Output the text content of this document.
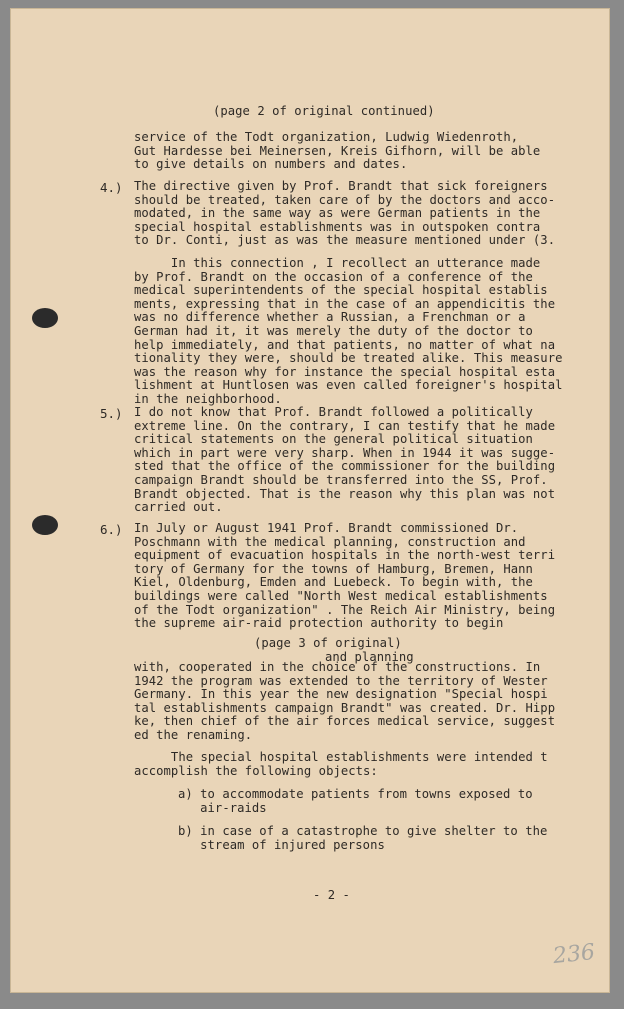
(page 2 of original continued)
service of the Todt organization, Ludwig Wiedenroth,
Gut Hardesse bei Meinersen, Kreis Gifhorn, will be able
to give details on numbers and dates.
4.) The directive given by Prof. Brandt that sick foreigners
should be treated, taken care of by the doctors and acco-
modated, in the same way as were German patients in the
special hospital establishments was in outspoken contra
to Dr. Conti, just as was the measure mentioned under (3.
In this connection , I recollect an utterance made
by Prof. Brandt on the occasion of a conference of the
medical superintendents of the special hospital establis
ments, expressing that in the case of an appendicitis the
was no difference whether a Russian, a Frenchman or a
German had it, it was merely the duty of the doctor to
help immediately, and that patients, no matter of what na
tionality they were, should be treated alike. This measure
was the reason why for instance the special hospital esta
lishment at Huntlosen was even called foreigner's hospital
in the neighborhood.
5.) I do not know that Prof. Brandt followed a politically
extreme line. On the contrary, I can testify that he made
critical statements on the general political situation
which in part were very sharp. When in 1944 it was sugge-
sted that the office of the commissioner for the building
campaign Brandt should be transferred into the SS, Prof.
Brandt objected. That is the reason why this plan was not
carried out.
6.) In July or August 1941 Prof. Brandt commissioned Dr.
Poschmann with the medical planning, construction and
equipment of evacuation hospitals in the north-west terri
tory of Germany for the towns of Hamburg, Bremen, Hann
Kiel, Oldenburg, Emden and Luebeck. To begin with, the
buildings were called "North West medical establishments
of the Todt organization" . The Reich Air Ministry, being
the supreme air-raid protection authority to begin
(page 3 of original)
and planning
with, cooperated in the choice of the constructions. In
1942 the program was extended to the territory of Wester
Germany. In this year the new designation "Special hospi
tal establishments campaign Brandt" was created. Dr. Hipp
ke, then chief of the air forces medical service, suggest
ed the renaming.
The special hospital establishments were intended t
accomplish the following objects:
a) to accommodate patients from towns exposed to
air-raids
b) in case of a catastrophe to give shelter to the
stream of injured persons
- 2 -
236
